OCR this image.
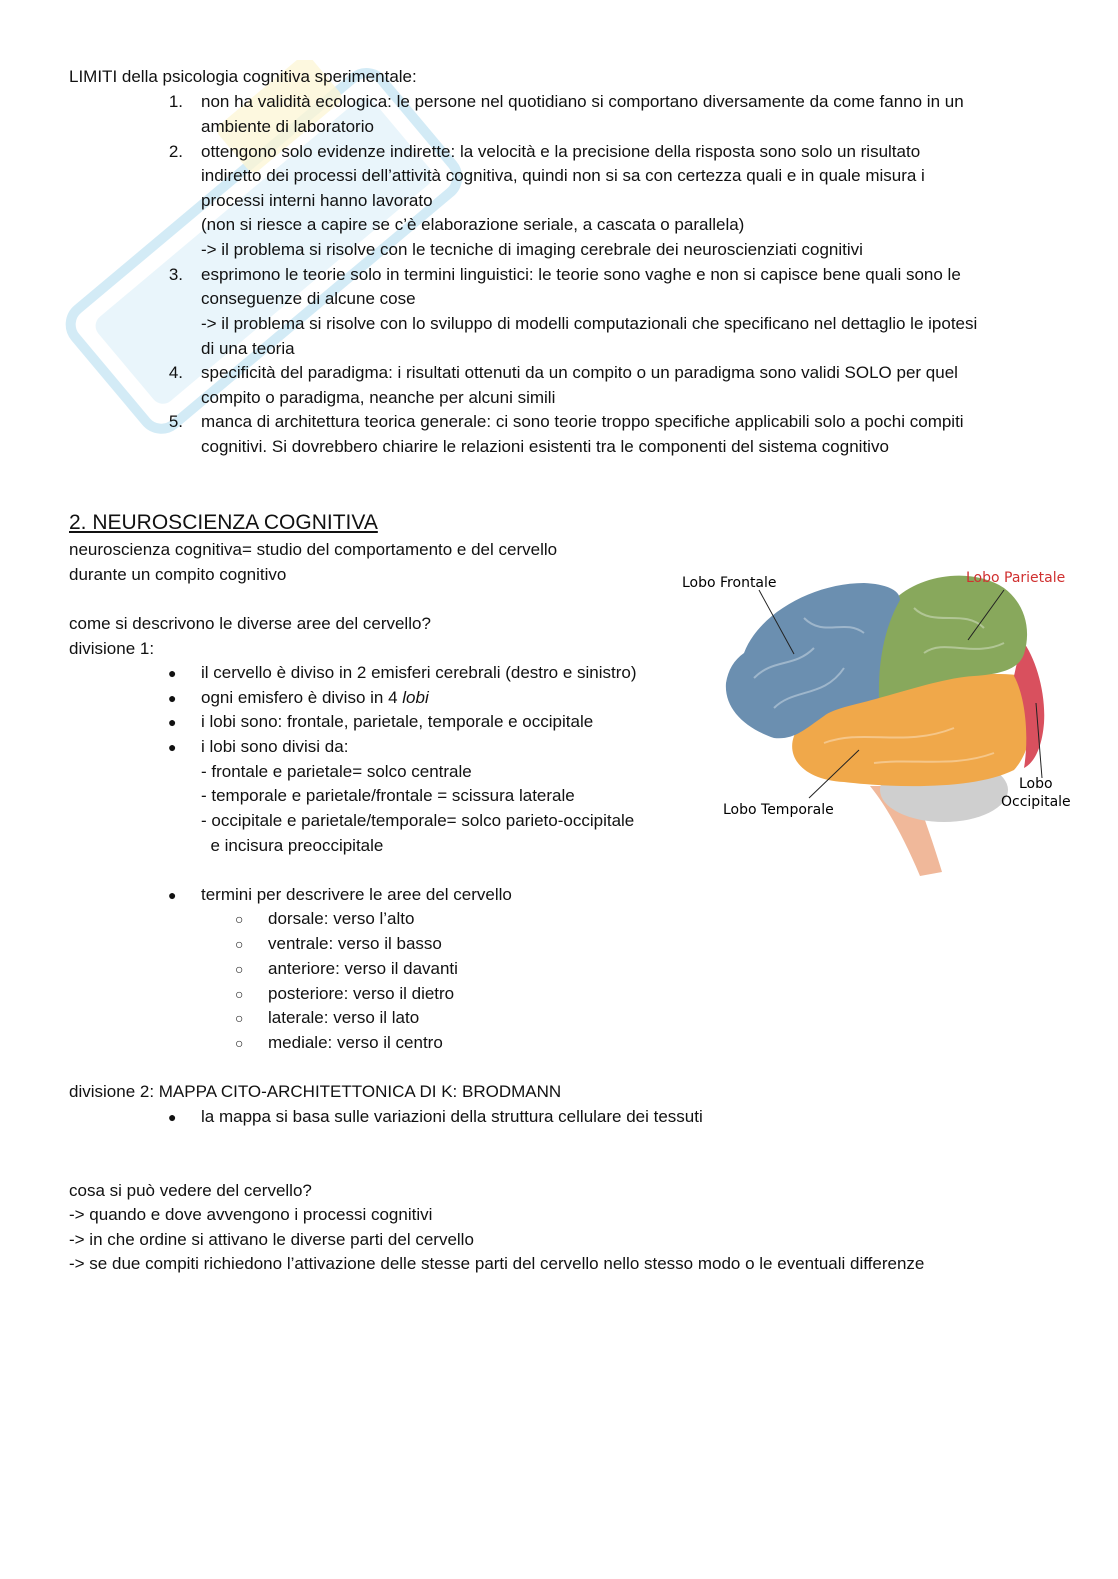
LIMITI della psicologia cognitiva sperimentale:
1. non ha validità ecologica: le persone nel quotidiano si comportano diversamente da come fanno in un
ambiente di laboratorio
2. ottengono solo evidenze indirette: la velocità e la precisione della risposta sono solo un risultato
indiretto dei processi dell’attività cognitiva, quindi non si sa con certezza quali e in quale misura i
processi interni hanno lavorato
(non si riesce a capire se c’è elaborazione seriale, a cascata o parallela)
-> il problema si risolve con le tecniche di imaging cerebrale dei neuroscienziati cognitivi
3. esprimono le teorie solo in termini linguistici: le teorie sono vaghe e non si capisce bene quali sono le
conseguenze di alcune cose
-> il problema si risolve con lo sviluppo di modelli computazionali che specificano nel dettaglio le ipotesi
di una teoria
4. specificità del paradigma: i risultati ottenuti da un compito o un paradigma sono validi SOLO per quel
compito o paradigma, neanche per alcuni simili
5. manca di architettura teorica generale: ci sono teorie troppo specifiche applicabili solo a pochi compiti
cognitivi. Si dovrebbero chiarire le relazioni esistenti tra le componenti del sistema cognitivo
2. NEUROSCIENZA COGNITIVA
neuroscienza cognitiva= studio del comportamento e del cervello
durante un compito cognitivo
come si descrivono le diverse aree del cervello?
divisione 1:
● il cervello è diviso in 2 emisferi cerebrali (destro e sinistro)
● ogni emisfero è diviso in 4 lobi
● i lobi sono: frontale, parietale, temporale e occipitale
● i lobi sono divisi da:
- frontale e parietale= solco centrale
- temporale e parietale/frontale = scissura laterale
- occipitale e parietale/temporale= solco parieto-occipitale
e incisura preoccipitale
● termini per descrivere le aree del cervello
○ dorsale: verso l’alto
○ ventrale: verso il basso
○ anteriore: verso il davanti
○ posteriore: verso il dietro
○ laterale: verso il lato
○ mediale: verso il centro
divisione 2: MAPPA CITO-ARCHITETTONICA DI K: BRODMANN
● la mappa si basa sulle variazioni della struttura cellulare dei tessuti
cosa si può vedere del cervello?
-> quando e dove avvengono i processi cognitivi
-> in che ordine si attivano le diverse parti del cervello
-> se due compiti richiedono l’attivazione delle stesse parti del cervello nello stesso modo o le eventuali differenze
Lobo Frontale	Lobo Parietale
Lobo Temporale
Lobo
Occipitale
